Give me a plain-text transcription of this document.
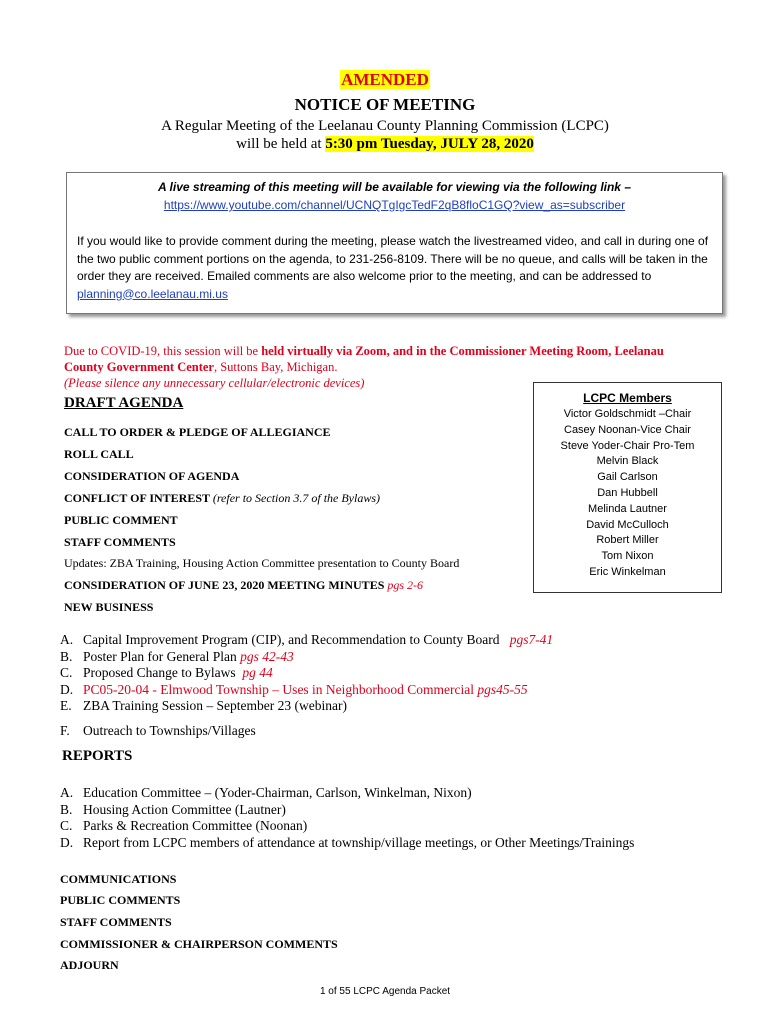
AMENDED
NOTICE OF MEETING
A Regular Meeting of the Leelanau County Planning Commission (LCPC)
will be held at 5:30 pm Tuesday, JULY 28, 2020
A live streaming of this meeting will be available for viewing via the following link –
https://www.youtube.com/channel/UCNQTgIgcTedF2qB8floC1GQ?view_as=subscriber
If you would like to provide comment during the meeting, please watch the livestreamed video, and call in during one of the two public comment portions on the agenda, to 231-256-8109. There will be no queue, and calls will be taken in the order they are received. Emailed comments are also welcome prior to the meeting, and can be addressed to planning@co.leelanau.mi.us
Due to COVID-19, this session will be held virtually via Zoom, and in the Commissioner Meeting Room, Leelanau County Government Center, Suttons Bay, Michigan.
(Please silence any unnecessary cellular/electronic devices)
LCPC Members
Victor Goldschmidt –Chair
Casey Noonan-Vice Chair
Steve Yoder-Chair Pro-Tem
Melvin Black
Gail Carlson
Dan Hubbell
Melinda Lautner
David McCulloch
Robert Miller
Tom Nixon
Eric Winkelman
DRAFT AGENDA
CALL TO ORDER & PLEDGE OF ALLEGIANCE
ROLL CALL
CONSIDERATION OF AGENDA
CONFLICT OF INTEREST (refer to Section 3.7 of the Bylaws)
PUBLIC COMMENT
STAFF COMMENTS
Updates: ZBA Training, Housing Action Committee presentation to County Board
CONSIDERATION OF JUNE 23, 2020 MEETING MINUTES pgs 2-6
NEW BUSINESS
A. Capital Improvement Program (CIP), and Recommendation to County Board pgs7-41
B. Poster Plan for General Plan pgs 42-43
C. Proposed Change to Bylaws pg 44
D. PC05-20-04 - Elmwood Township – Uses in Neighborhood Commercial pgs45-55
E. ZBA Training Session – September 23 (webinar)
F. Outreach to Townships/Villages
REPORTS
A. Education Committee – (Yoder-Chairman, Carlson, Winkelman, Nixon)
B. Housing Action Committee (Lautner)
C. Parks & Recreation Committee (Noonan)
D. Report from LCPC members of attendance at township/village meetings, or Other Meetings/Trainings
COMMUNICATIONS
PUBLIC COMMENTS
STAFF COMMENTS
COMMISSIONER & CHAIRPERSON COMMENTS
ADJOURN
1 of 55 LCPC Agenda Packet
